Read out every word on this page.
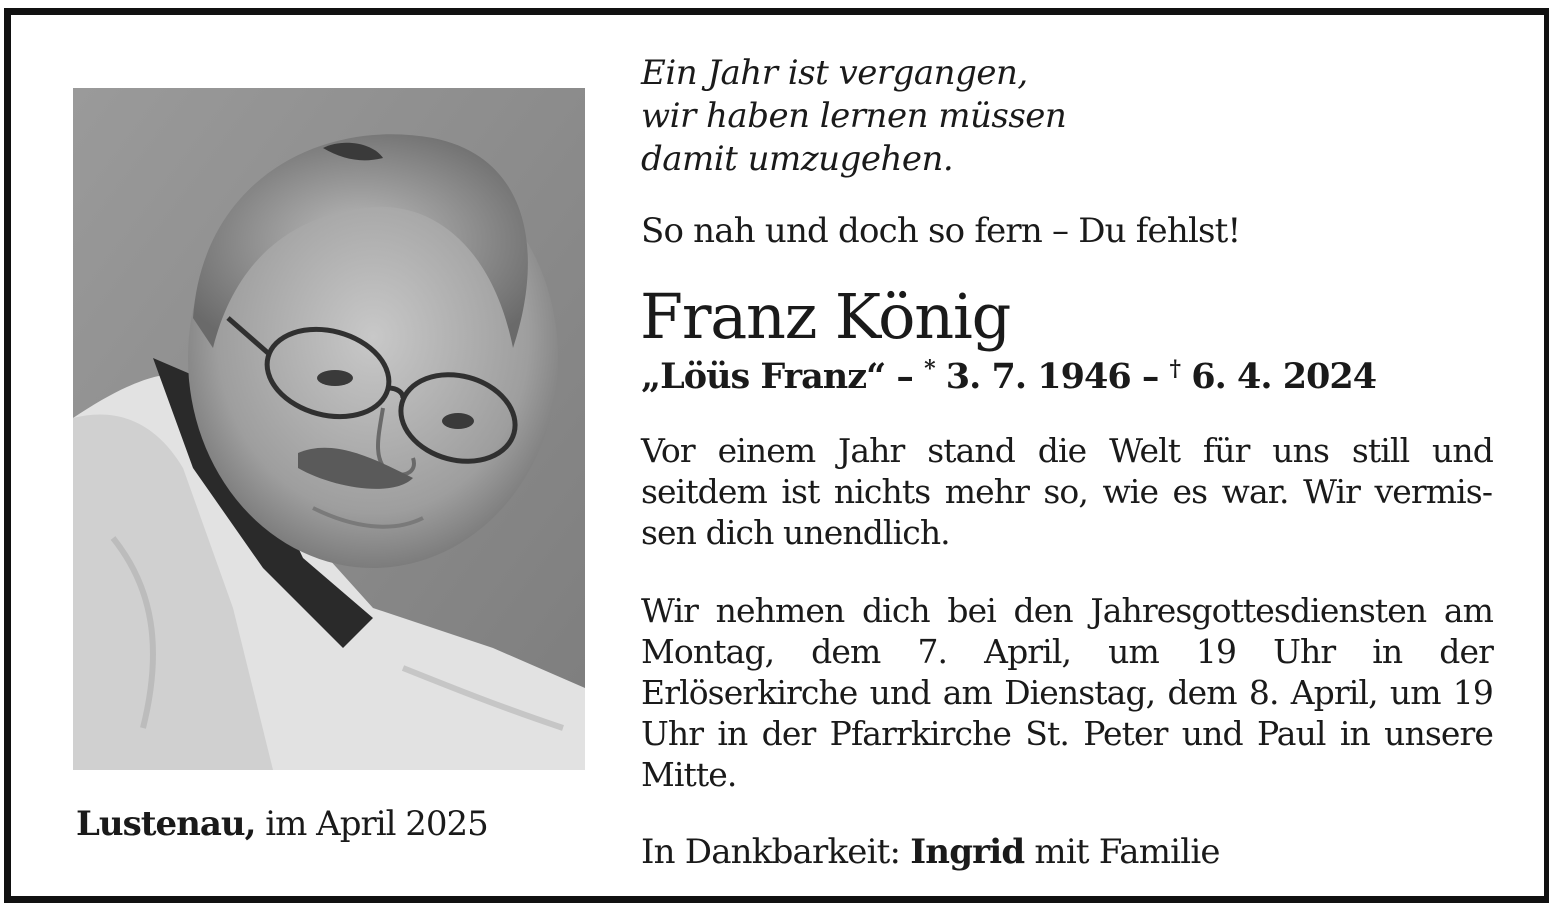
Lustenau, im April 2025
Ein Jahr ist vergangen,
wir haben lernen müssen
damit umzugehen.
So nah und doch so fern – Du fehlst!
Franz König
„Löüs Franz“ – * 3. 7. 1946 – † 6. 4. 2024
Vor einem Jahr stand die Welt für uns still und seitdem ist nichts mehr so, wie es war. Wir vermissen dich unendlich.
Wir nehmen dich bei den Jahresgottesdiensten am Montag, dem 7. April, um 19 Uhr in der Erlöserkirche und am Dienstag, dem 8. April, um 19 Uhr in der Pfarrkirche St. Peter und Paul in unsere Mitte.
In Dankbarkeit: Ingrid mit Familie
